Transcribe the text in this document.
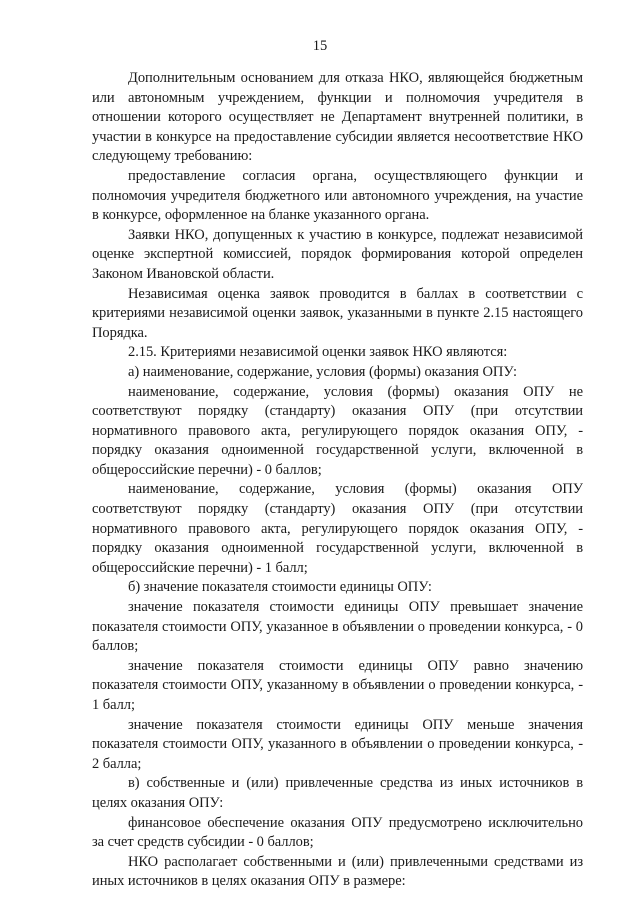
15

Дополнительным основанием для отказа НКО, являющейся бюджетным или автономным учреждением, функции и полномочия учредителя в отношении которого осуществляет не Департамент внутренней политики, в участии в конкурсе на предоставление субсидии является несоответствие НКО следующему требованию:

предоставление согласия органа, осуществляющего функции и полномочия учредителя бюджетного или автономного учреждения, на участие в конкурсе, оформленное на бланке указанного органа.

Заявки НКО, допущенных к участию в конкурсе, подлежат независимой оценке экспертной комиссией, порядок формирования которой определен Законом Ивановской области.

Независимая оценка заявок проводится в баллах в соответствии с критериями независимой оценки заявок, указанными в пункте 2.15 настоящего Порядка.

2.15. Критериями независимой оценки заявок НКО являются:

а) наименование, содержание, условия (формы) оказания ОПУ:

наименование, содержание, условия (формы) оказания ОПУ не соответствуют порядку (стандарту) оказания ОПУ (при отсутствии нормативного правового акта, регулирующего порядок оказания ОПУ, - порядку оказания одноименной государственной услуги, включенной в общероссийские перечни) - 0 баллов;

наименование, содержание, условия (формы) оказания ОПУ соответствуют порядку (стандарту) оказания ОПУ (при отсутствии нормативного правового акта, регулирующего порядок оказания ОПУ, - порядку оказания одноименной государственной услуги, включенной в общероссийские перечни) - 1 балл;

б) значение показателя стоимости единицы ОПУ:

значение показателя стоимости единицы ОПУ превышает значение показателя стоимости ОПУ, указанное в объявлении о проведении конкурса, - 0 баллов;

значение показателя стоимости единицы ОПУ равно значению показателя стоимости ОПУ, указанному в объявлении о проведении конкурса, - 1 балл;

значение показателя стоимости единицы ОПУ меньше значения показателя стоимости ОПУ, указанного в объявлении о проведении конкурса, - 2 балла;

в) собственные и (или) привлеченные средства из иных источников в целях оказания ОПУ:

финансовое обеспечение оказания ОПУ предусмотрено исключительно за счет средств субсидии - 0 баллов;

НКО располагает собственными и (или) привлеченными средствами из иных источников в целях оказания ОПУ в размере:
